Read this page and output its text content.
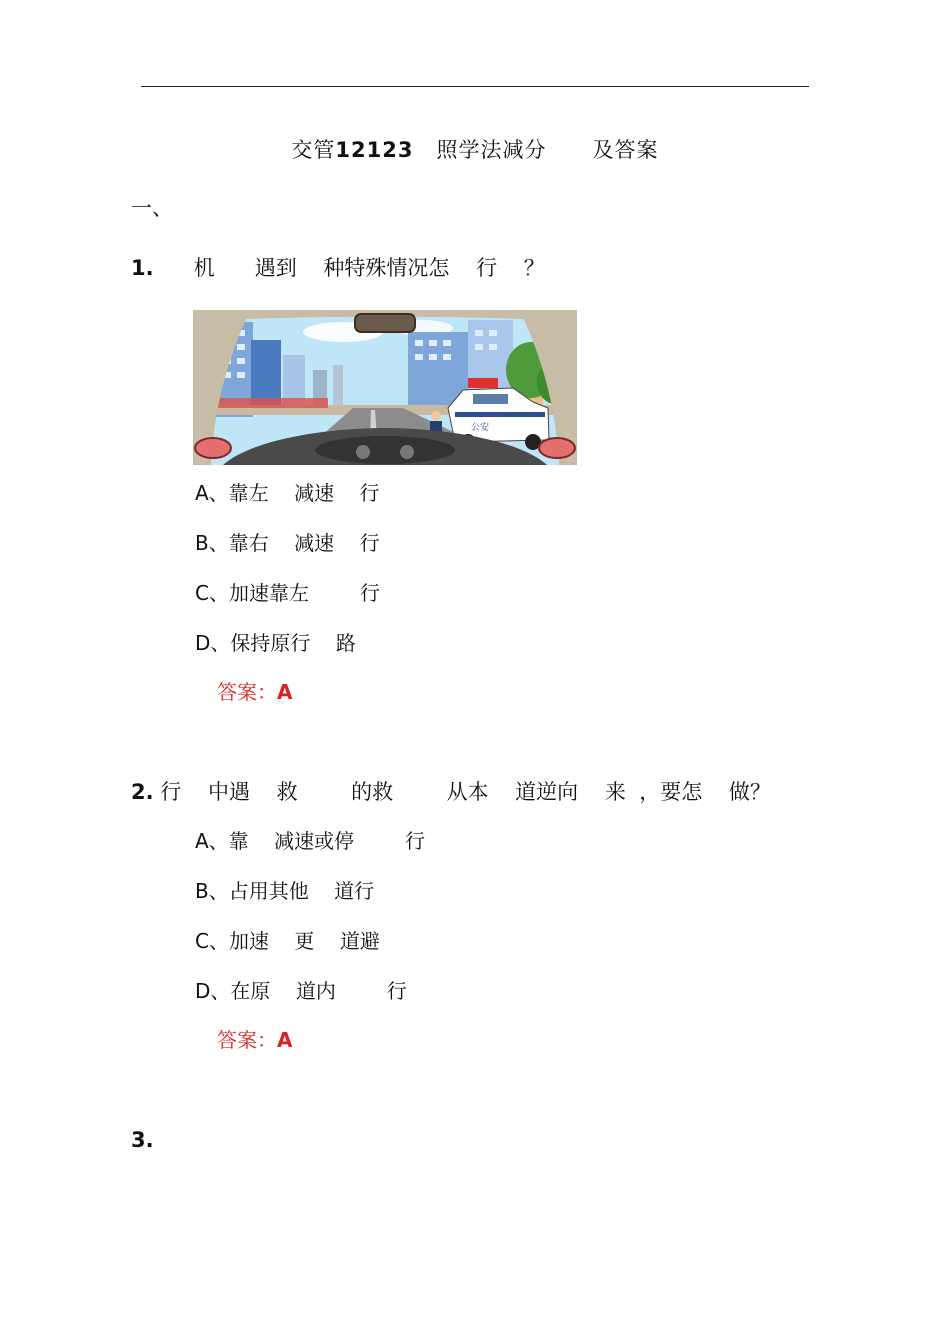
交管12123   照学法减分      及答案
一、
1.      机      遇到    种特殊情况怎    行    ？
公安
A、靠左    减速    行
B、靠右    减速    行
C、加速靠左        行
D、保持原行    路
答案：A
2. 行    中遇    救        的救        从本    道逆向    来  ，要怎    做？
A、靠    减速或停        行
B、占用其他    道行
C、加速    更    道避
D、在原    道内        行
答案：A
3.
